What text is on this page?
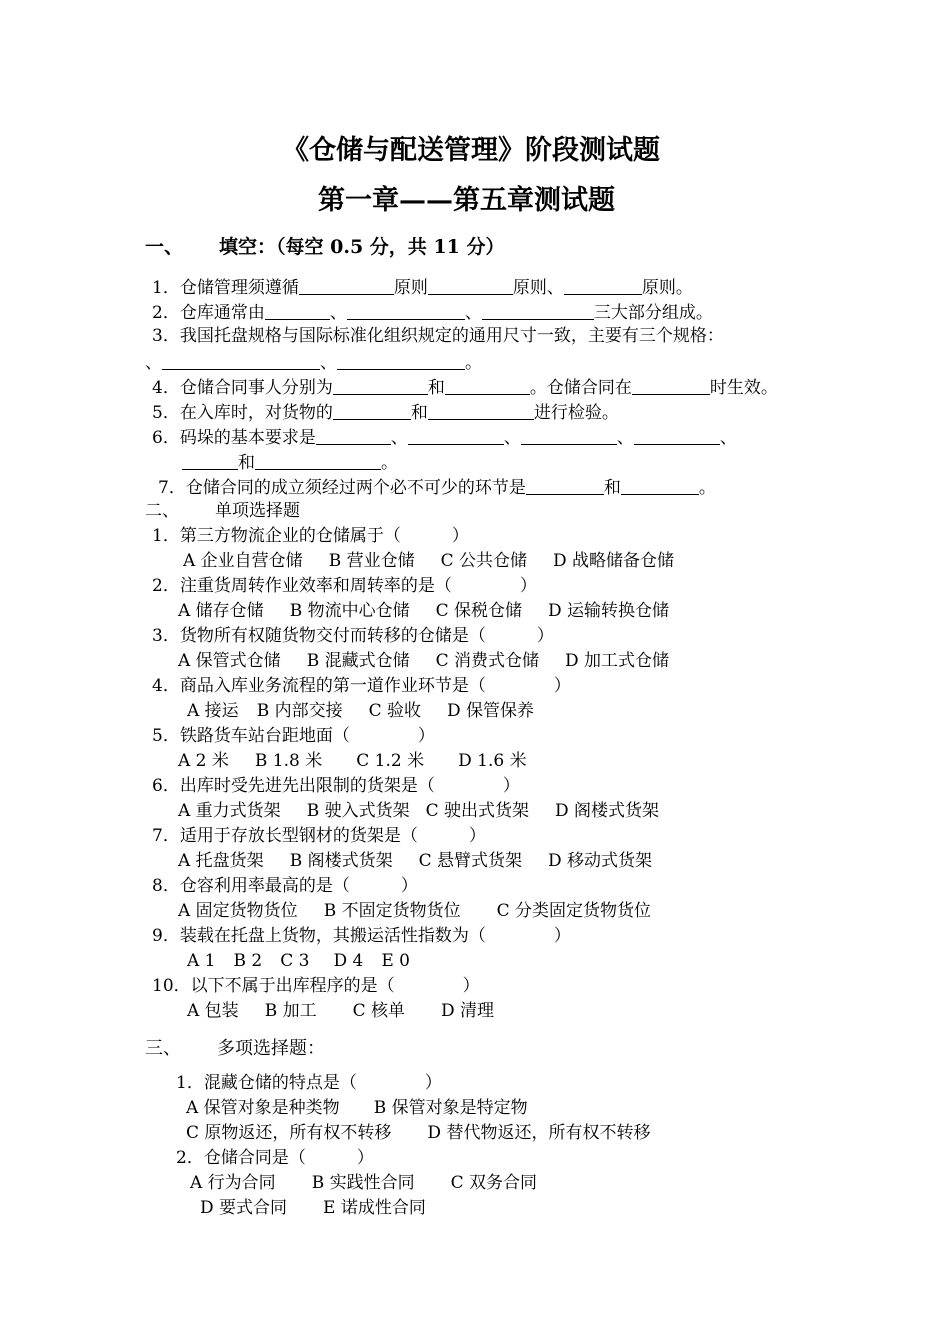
《仓储与配送管理》阶段测试题
第一章——第五章测试题
一、 填空：（每空 0.5 分，共 11 分）
1．仓储管理须遵循	原则	原则、	原则。
2．仓库通常由	、	、	三大部分组成。
3．我国托盘规格与国际标准化组织规定的通用尺寸一致，主要有三个规格：
、	、	。
4．仓储合同事人分别为	和	。仓储合同在	时生效。
5．在入库时，对货物的	和	进行检验。
6．码垛的基本要求是	、	、	、	、
和	。
7．仓储合同的成立须经过两个必不可少的环节是	和	。
二、 单项选择题
1．第三方物流企业的仓储属于（　　　）
A 企业自营仓储 B 营业仓储 C 公共仓储 D 战略储备仓储
2．注重货周转作业效率和周转率的是（　　　　）
A 储存仓储 B 物流中心仓储 C 保税仓储 D 运输转换仓储
3．货物所有权随货物交付而转移的仓储是（　　　）
A 保管式仓储 B 混藏式仓储 C 消费式仓储 D 加工式仓储
4．商品入库业务流程的第一道作业环节是（　　　　）
A 接运 B 内部交接 C 验收 D 保管保养
5．铁路货车站台距地面（　　　　）
A 2 米 B 1.8 米 C 1.2 米 D 1.6 米
6．出库时受先进先出限制的货架是（　　　　）
A 重力式货架 B 驶入式货架 C 驶出式货架 D 阁楼式货架
7．适用于存放长型钢材的货架是（　　　）
A 托盘货架 B 阁楼式货架 C 悬臂式货架 D 移动式货架
8．仓容利用率最高的是（　　　）
A 固定货物货位 B 不固定货物货位 C 分类固定货物货位
9．装载在托盘上货物，其搬运活性指数为（　　　　）
A 1 B 2 C 3 D 4 E 0
10．以下不属于出库程序的是（　　　　）
A 包装 B 加工 C 核单 D 清理
三、 多项选择题：
1．混藏仓储的特点是（　　　　）
A 保管对象是种类物 B 保管对象是特定物
C 原物返还，所有权不转移 D 替代物返还，所有权不转移
2．仓储合同是（　　　）
A 行为合同 B 实践性合同 C 双务合同
D 要式合同 E 诺成性合同
